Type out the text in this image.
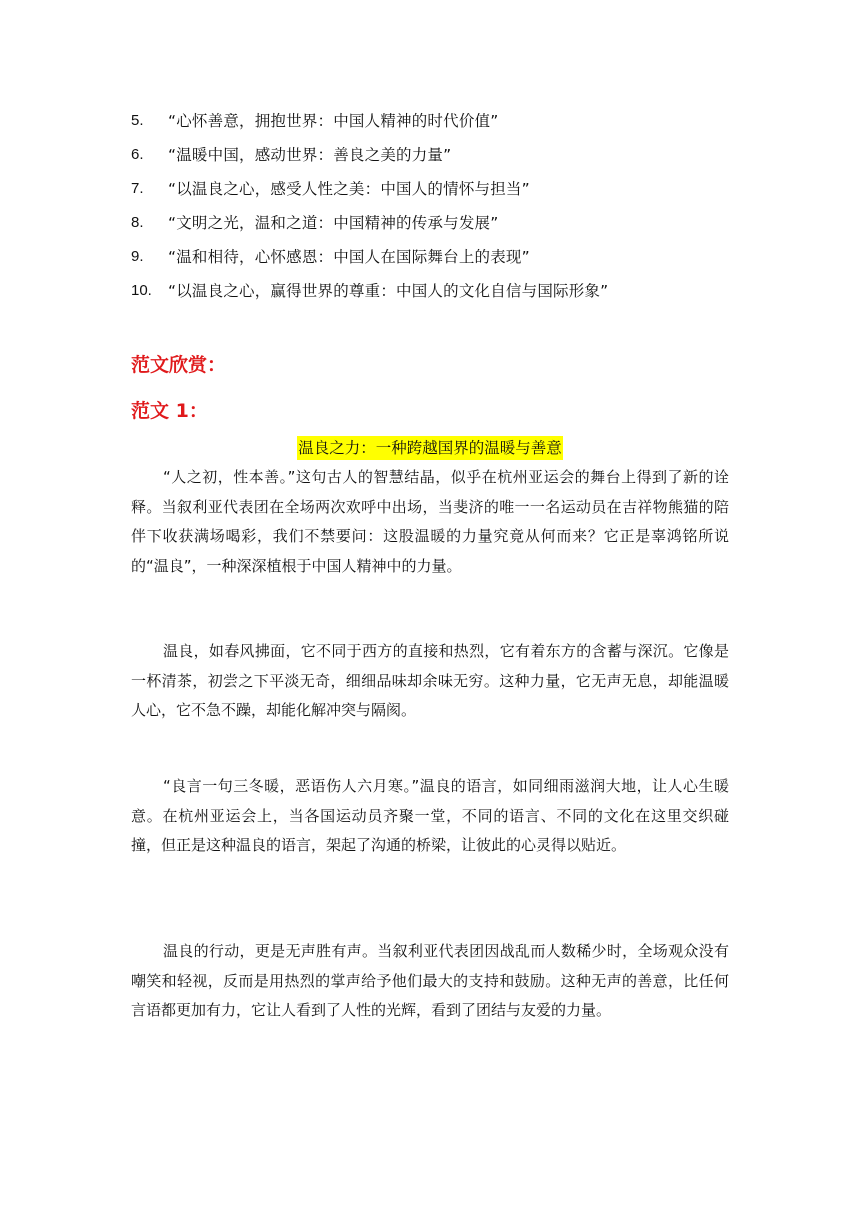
5.	“心怀善意，拥抱世界：中国人精神的时代价值”
6.	“温暖中国，感动世界：善良之美的力量”
7.	“以温良之心，感受人性之美：中国人的情怀与担当”
8.	“文明之光，温和之道：中国精神的传承与发展”
9.	“温和相待，心怀感恩：中国人在国际舞台上的表现”
10.	“以温良之心，赢得世界的尊重：中国人的文化自信与国际形象”
范文欣赏：
范文 1：
温良之力：一种跨越国界的温暖与善意

“人之初，性本善。”这句古人的智慧结晶，似乎在杭州亚运会的舞台上得到了新的诠释。当叙利亚代表团在全场两次欢呼中出场，当斐济的唯一一名运动员在吉祥物熊猫的陪伴下收获满场喝彩，我们不禁要问：这股温暖的力量究竟从何而来？它正是辜鸿铭所说的“温良”，一种深深植根于中国人精神中的力量。

温良，如春风拂面，它不同于西方的直接和热烈，它有着东方的含蓄与深沉。它像是一杯清茶，初尝之下平淡无奇，细细品味却余味无穷。这种力量，它无声无息，却能温暖人心，它不急不躁，却能化解冲突与隔阂。

“良言一句三冬暖，恶语伤人六月寒。”温良的语言，如同细雨滋润大地，让人心生暖意。在杭州亚运会上，当各国运动员齐聚一堂，不同的语言、不同的文化在这里交织碰撞，但正是这种温良的语言，架起了沟通的桥梁，让彼此的心灵得以贴近。

温良的行动，更是无声胜有声。当叙利亚代表团因战乱而人数稀少时，全场观众没有嘲笑和轻视，反而是用热烈的掌声给予他们最大的支持和鼓励。这种无声的善意，比任何言语都更加有力，它让人看到了人性的光辉，看到了团结与友爱的力量。
